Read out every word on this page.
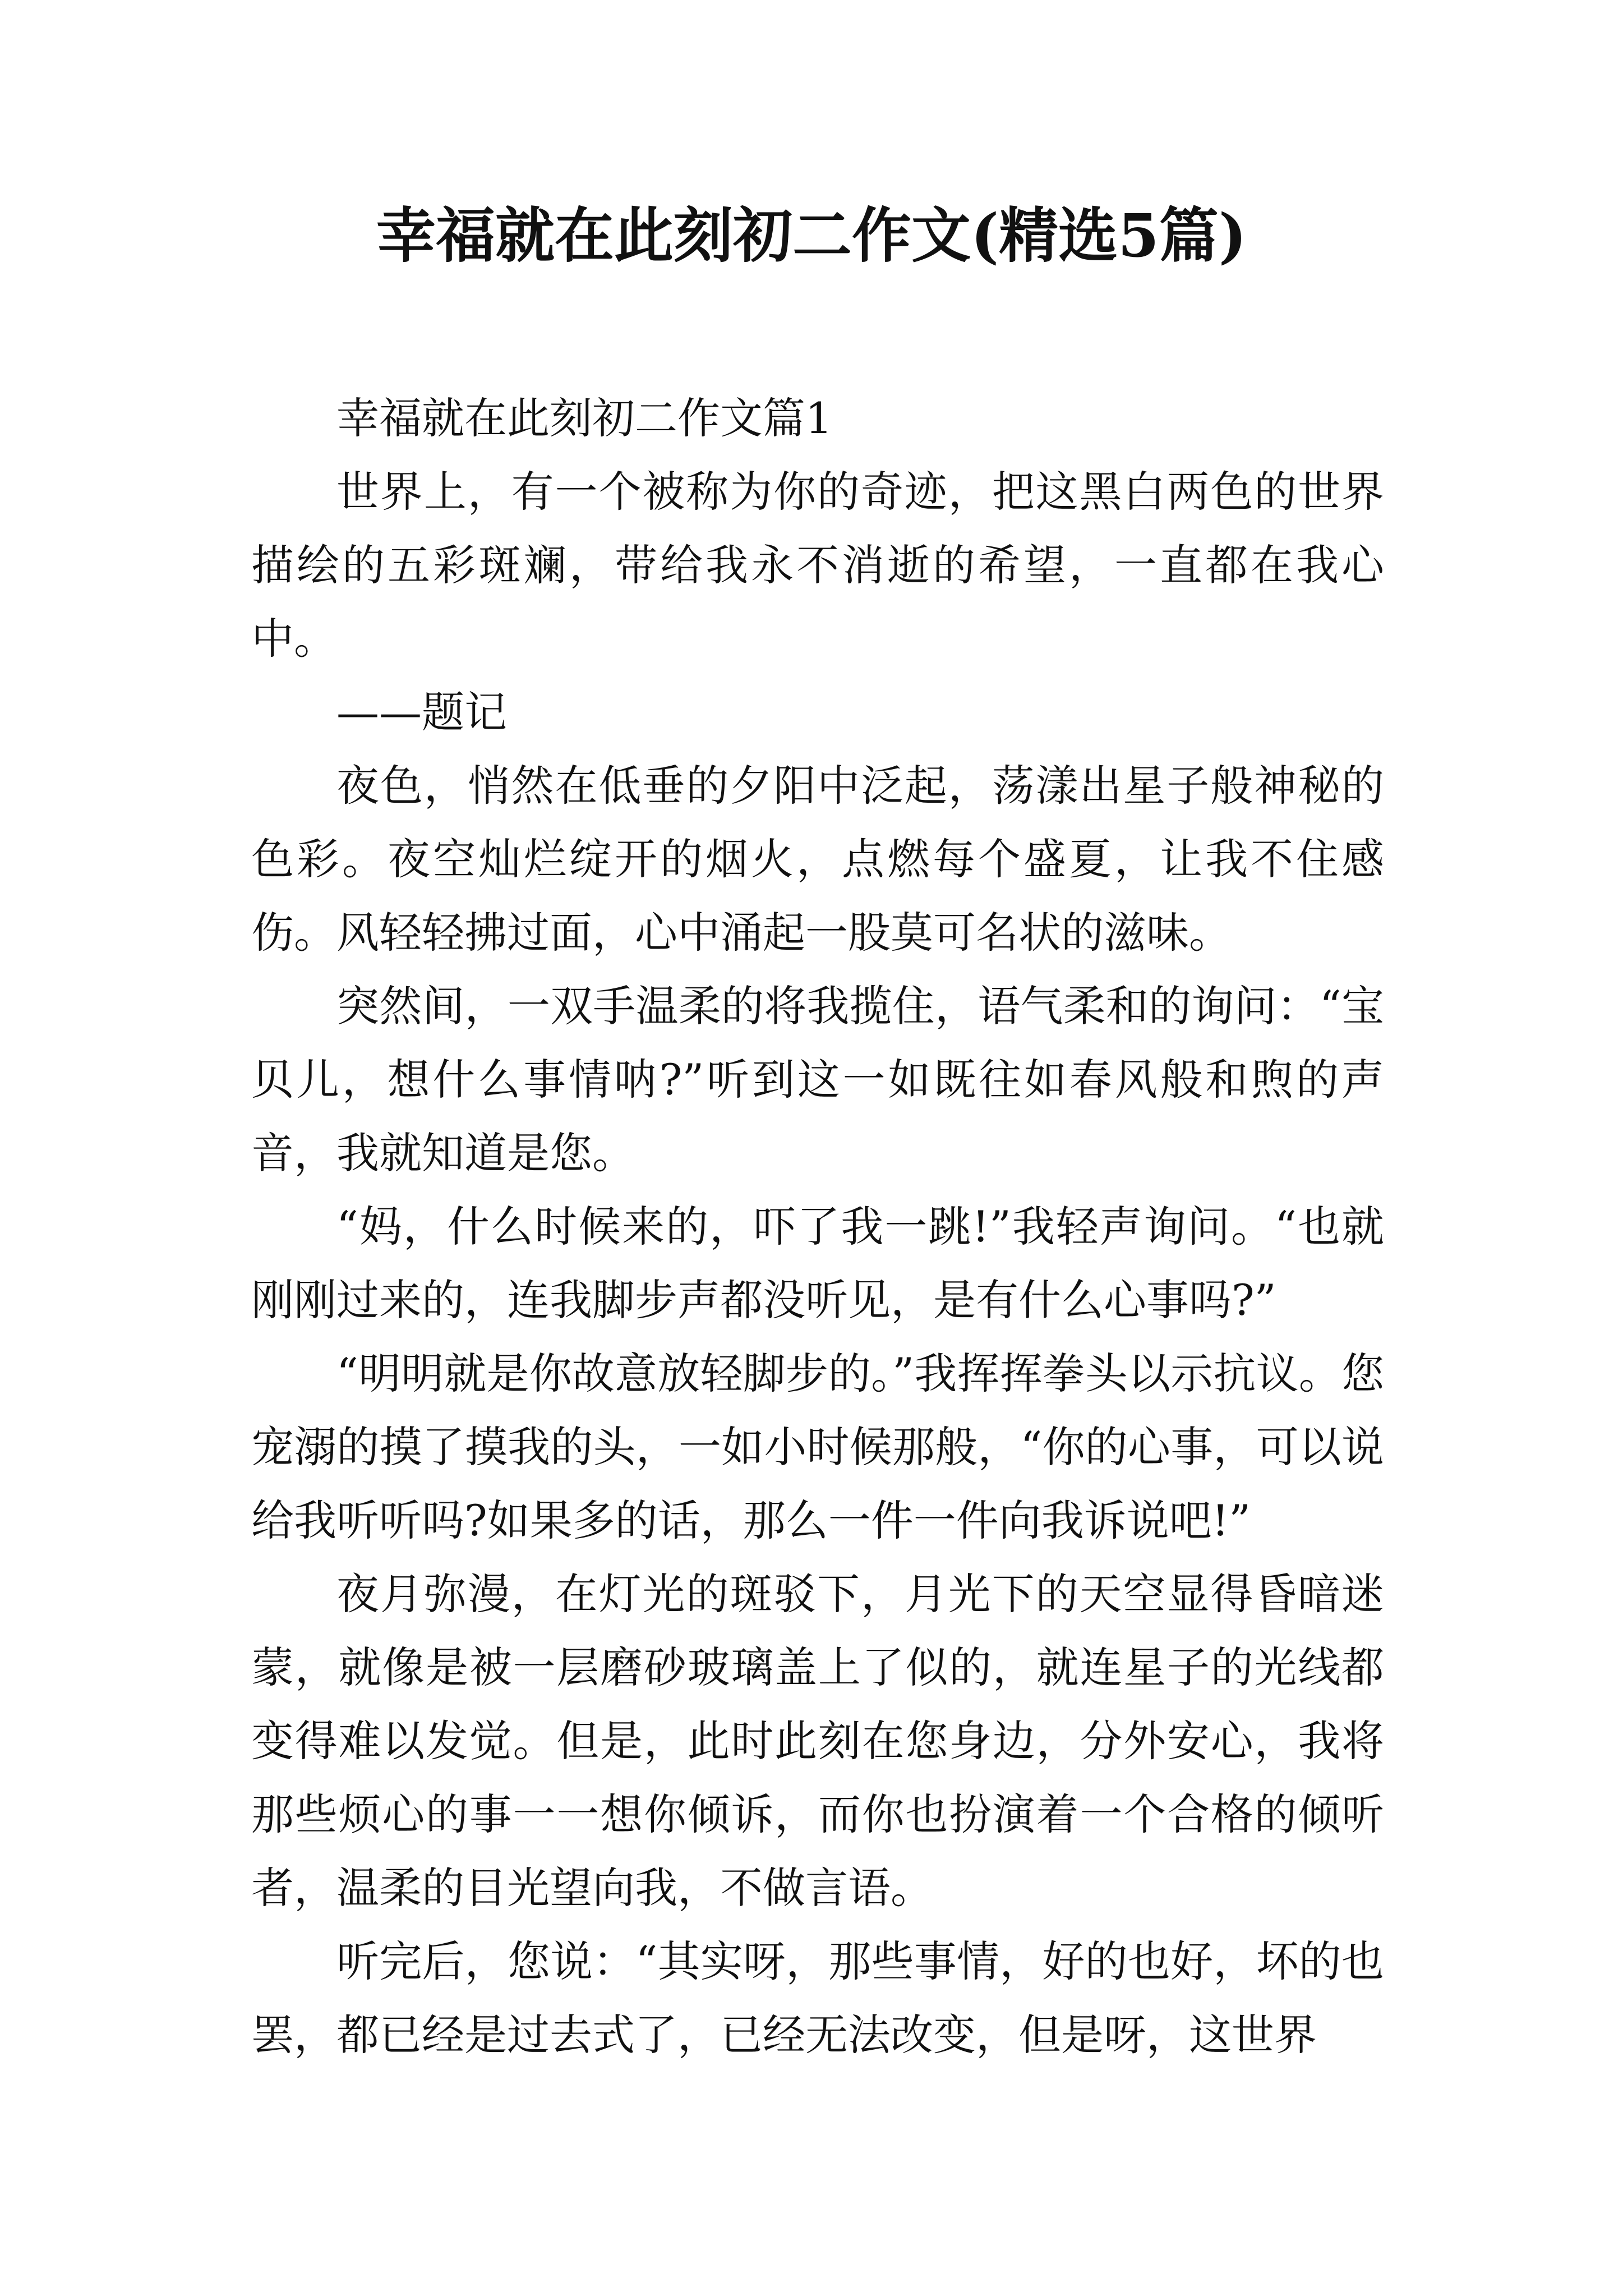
幸福就在此刻初二作文(精选5篇)

幸福就在此刻初二作文篇1

世界上，有一个被称为你的奇迹，把这黑白两色的世界描绘的五彩斑斓，带给我永不消逝的希望，一直都在我心中。

——题记

夜色，悄然在低垂的夕阳中泛起，荡漾出星子般神秘的色彩。夜空灿烂绽开的烟火，点燃每个盛夏，让我不住感伤。风轻轻拂过面，心中涌起一股莫可名状的滋味。

突然间，一双手温柔的将我揽住，语气柔和的询问：“宝贝儿，想什么事情呐?”听到这一如既往如春风般和煦的声音，我就知道是您。

“妈，什么时候来的，吓了我一跳!”我轻声询问。“也就刚刚过来的，连我脚步声都没听见，是有什么心事吗?”

“明明就是你故意放轻脚步的。”我挥挥拳头以示抗议。您宠溺的摸了摸我的头，一如小时候那般，“你的心事，可以说给我听听吗?如果多的话，那么一件一件向我诉说吧!”

夜月弥漫，在灯光的斑驳下，月光下的天空显得昏暗迷蒙，就像是被一层磨砂玻璃盖上了似的，就连星子的光线都变得难以发觉。但是，此时此刻在您身边，分外安心，我将那些烦心的事一一想你倾诉，而你也扮演着一个合格的倾听者，温柔的目光望向我，不做言语。

听完后，您说：“其实呀，那些事情，好的也好，坏的也罢，都已经是过去式了，已经无法改变，但是呀，这世界
